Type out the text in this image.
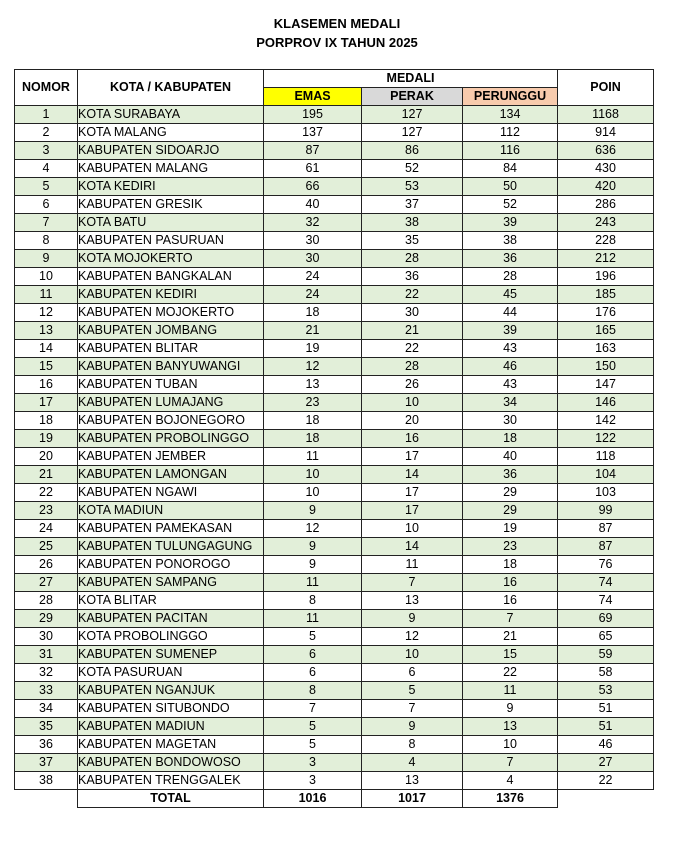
KLASEMEN MEDALI
PORPROV IX TAHUN 2025
NOMOR	KOTA / KABUPATEN	MEDALI			POIN
		EMAS	PERAK	PERUNGGU	
1	KOTA SURABAYA	195	127	134	1168
2	KOTA MALANG	137	127	112	914
3	KABUPATEN SIDOARJO	87	86	116	636
4	KABUPATEN MALANG	61	52	84	430
5	KOTA KEDIRI	66	53	50	420
6	KABUPATEN GRESIK	40	37	52	286
7	KOTA BATU	32	38	39	243
8	KABUPATEN PASURUAN	30	35	38	228
9	KOTA MOJOKERTO	30	28	36	212
10	KABUPATEN BANGKALAN	24	36	28	196
11	KABUPATEN KEDIRI	24	22	45	185
12	KABUPATEN MOJOKERTO	18	30	44	176
13	KABUPATEN JOMBANG	21	21	39	165
14	KABUPATEN BLITAR	19	22	43	163
15	KABUPATEN BANYUWANGI	12	28	46	150
16	KABUPATEN TUBAN	13	26	43	147
17	KABUPATEN LUMAJANG	23	10	34	146
18	KABUPATEN BOJONEGORO	18	20	30	142
19	KABUPATEN PROBOLINGGO	18	16	18	122
20	KABUPATEN JEMBER	11	17	40	118
21	KABUPATEN LAMONGAN	10	14	36	104
22	KABUPATEN NGAWI	10	17	29	103
23	KOTA MADIUN	9	17	29	99
24	KABUPATEN PAMEKASAN	12	10	19	87
25	KABUPATEN TULUNGAGUNG	9	14	23	87
26	KABUPATEN PONOROGO	9	11	18	76
27	KABUPATEN SAMPANG	11	7	16	74
28	KOTA BLITAR	8	13	16	74
29	KABUPATEN PACITAN	11	9	7	69
30	KOTA PROBOLINGGO	5	12	21	65
31	KABUPATEN SUMENEP	6	10	15	59
32	KOTA PASURUAN	6	6	22	58
33	KABUPATEN NGANJUK	8	5	11	53
34	KABUPATEN SITUBONDO	7	7	9	51
35	KABUPATEN MADIUN	5	9	13	51
36	KABUPATEN MAGETAN	5	8	10	46
37	KABUPATEN BONDOWOSO	3	4	7	27
38	KABUPATEN TRENGGALEK	3	13	4	22
	TOTAL	1016	1017	1376	
